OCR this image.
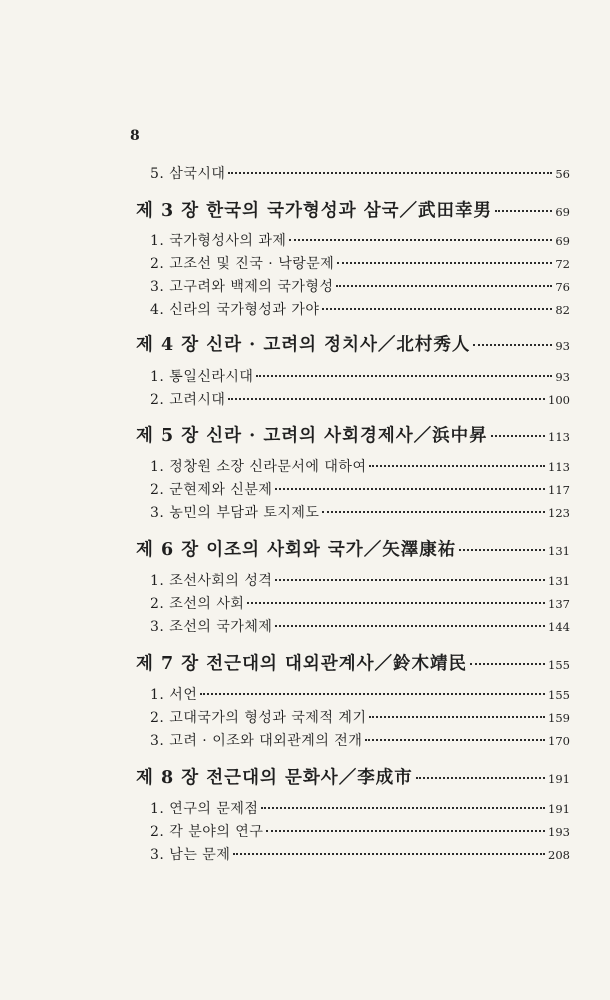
8
5. 삼국시대	56
제 3 장 한국의 국가형성과 삼국／武田幸男	69
1. 국가형성사의 과제	69
2. 고조선 및 진국 · 낙랑문제	72
3. 고구려와 백제의 국가형성	76
4. 신라의 국가형성과 가야	82
제 4 장 신라 · 고려의 정치사／北村秀人	93
1. 통일신라시대	93
2. 고려시대	100
제 5 장 신라 · 고려의 사회경제사／浜中昇	113
1. 정창원 소장 신라문서에 대하여	113
2. 군현제와 신분제	117
3. 농민의 부담과 토지제도	123
제 6 장 이조의 사회와 국가／矢澤康祐	131
1. 조선사회의 성격	131
2. 조선의 사회	137
3. 조선의 국가체제	144
제 7 장 전근대의 대외관계사／鈴木靖民	155
1. 서언	155
2. 고대국가의 형성과 국제적 계기	159
3. 고려 · 이조와 대외관계의 전개	170
제 8 장 전근대의 문화사／李成市	191
1. 연구의 문제점	191
2. 각 분야의 연구	193
3. 남는 문제	208
